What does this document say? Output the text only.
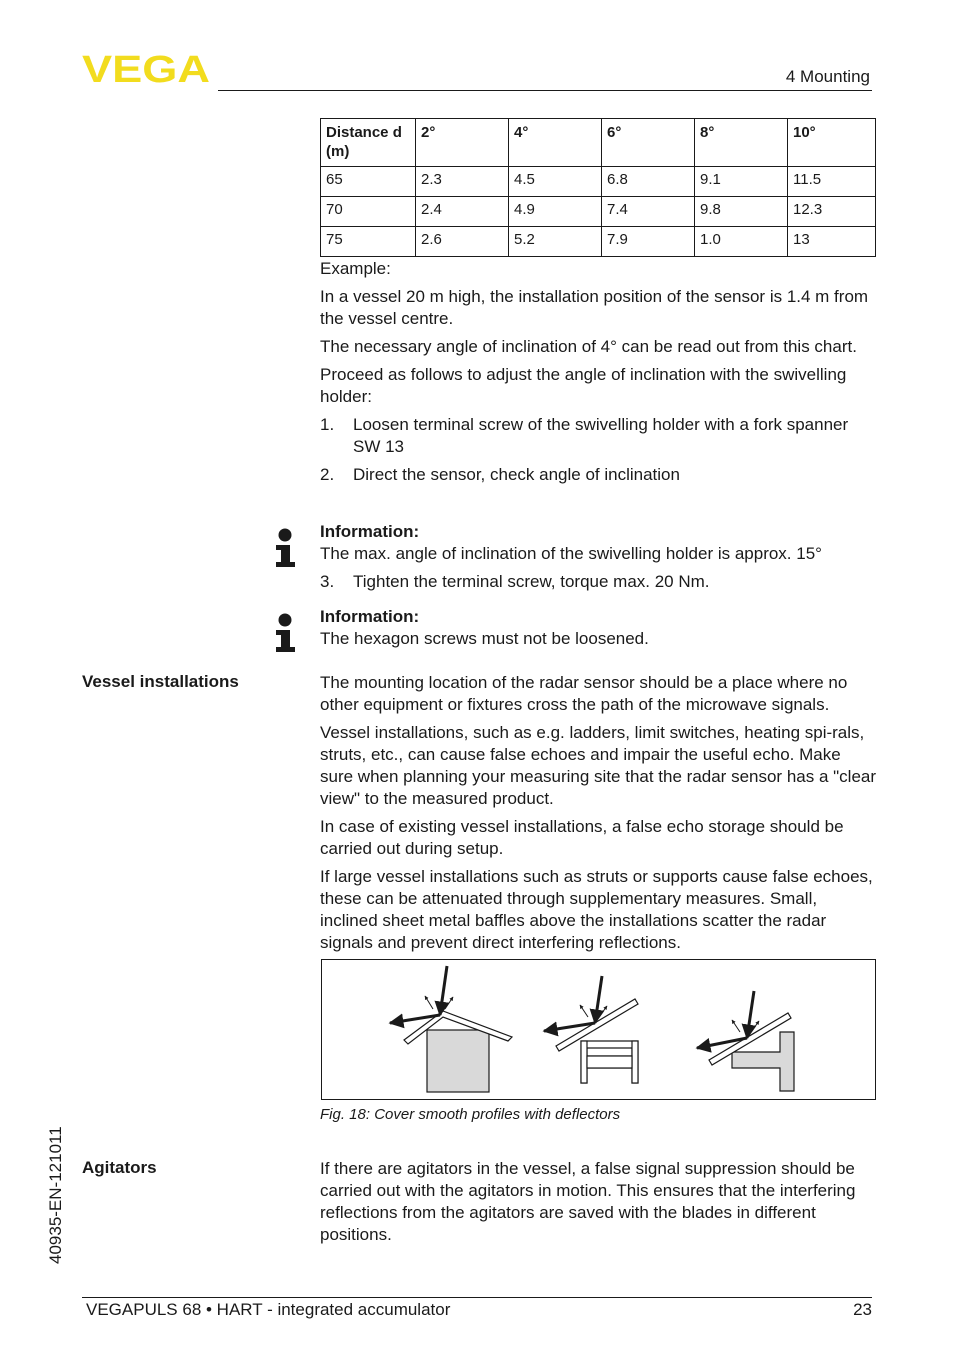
VEGA	4 Mounting
Distance d (m)	2°	4°	6°	8°	10°
65	2.3	4.5	6.8	9.1	11.5
70	2.4	4.9	7.4	9.8	12.3
75	2.6	5.2	7.9	1.0	13

Example:

In a vessel 20 m high, the installation position of the sensor is 1.4 m from the vessel centre.

The necessary angle of inclination of 4° can be read out from this chart.

Proceed as follows to adjust the angle of inclination with the swivelling holder:

1. Loosen terminal screw of the swivelling holder with a fork spanner SW 13
2. Direct the sensor, check angle of inclination
Information:

The max. angle of inclination of the swivelling holder is approx. 15°

3. Tighten the terminal screw, torque max. 20 Nm.
Information:

The hexagon screws must not be loosened.

Vessel installations	The mounting location of the radar sensor should be a place where no other equipment or fixtures cross the path of the microwave signals.

Vessel installations, such as e.g. ladders, limit switches, heating spi-rals, struts, etc., can cause false echoes and impair the useful echo. Make sure when planning your measuring site that the radar sensor has a "clear view" to the measured product.

In case of existing vessel installations, a false echo storage should be carried out during setup.

If large vessel installations such as struts or supports cause false echoes, these can be attenuated through supplementary measures. Small, inclined sheet metal baffles above the installations scatter the radar signals and prevent direct interfering reflections.

Fig. 18: Cover smooth profiles with deflectors
Agitators	If there are agitators in the vessel, a false signal suppression should be carried out with the agitators in motion. This ensures that the interfering reflections from the agitators are saved with the blades in different positions.

40935-EN-121011
VEGAPULS 68 • HART - integrated accumulator	23
